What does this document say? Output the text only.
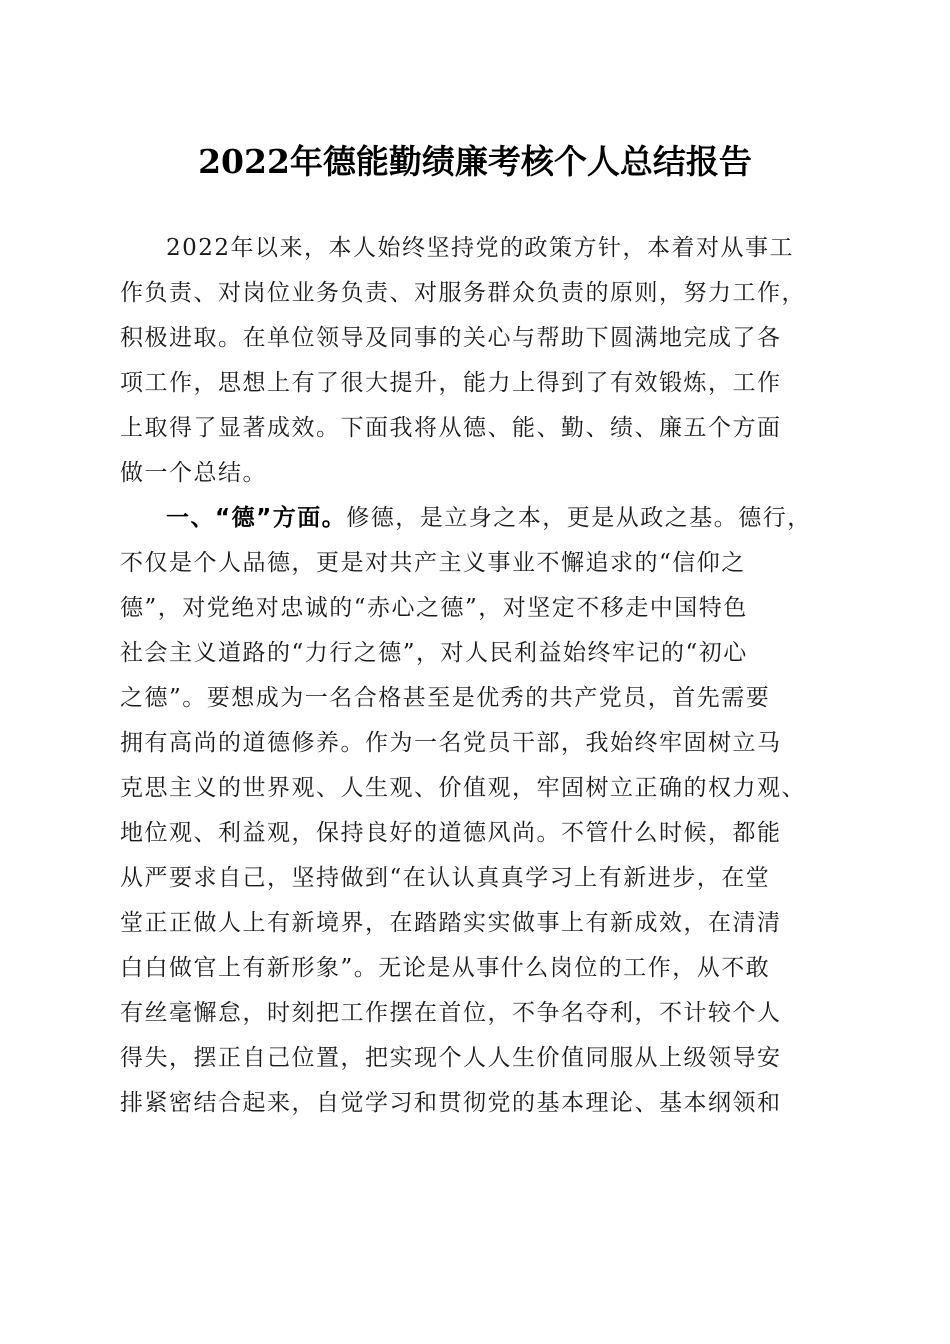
2022年德能勤绩廉考核个人总结报告

2022年以来，本人始终坚持党的政策方针，本着对从事工
作负责、对岗位业务负责、对服务群众负责的原则，努力工作，
积极进取。在单位领导及同事的关心与帮助下圆满地完成了各
项工作，思想上有了很大提升，能力上得到了有效锻炼，工作
上取得了显著成效。下面我将从德、能、勤、绩、廉五个方面
做一个总结。

一、“德”方面。修德，是立身之本，更是从政之基。德行，
不仅是个人品德，更是对共产主义事业不懈追求的“信仰之
德”，对党绝对忠诚的“赤心之德”，对坚定不移走中国特色
社会主义道路的“力行之德”，对人民利益始终牢记的“初心
之德”。要想成为一名合格甚至是优秀的共产党员，首先需要
拥有高尚的道德修养。作为一名党员干部，我始终牢固树立马
克思主义的世界观、人生观、价值观，牢固树立正确的权力观、
地位观、利益观，保持良好的道德风尚。不管什么时候，都能
从严要求自己，坚持做到“在认认真真学习上有新进步，在堂
堂正正做人上有新境界，在踏踏实实做事上有新成效，在清清
白白做官上有新形象”。无论是从事什么岗位的工作，从不敢
有丝毫懈怠，时刻把工作摆在首位，不争名夺利，不计较个人
得失，摆正自己位置，把实现个人人生价值同服从上级领导安
排紧密结合起来，自觉学习和贯彻党的基本理论、基本纲领和
